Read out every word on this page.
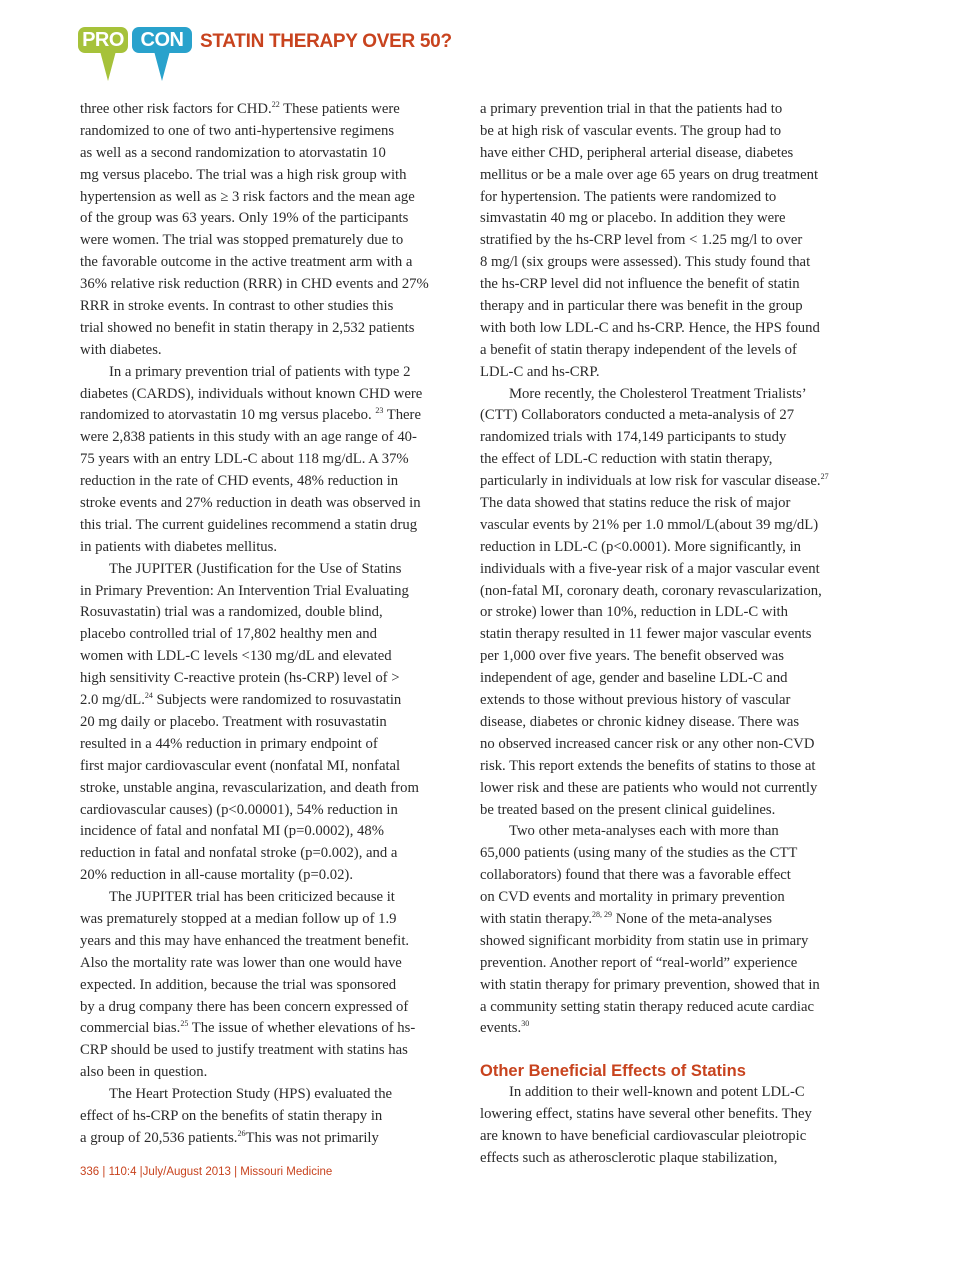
PRO CON STATIN THERAPY OVER 50?
three other risk factors for CHD.$^{22}$ These patients were
randomized to one of two anti-hypertensive regimens
as well as a second randomization to atorvastatin 10
mg versus placebo. The trial was a high risk group with
hypertension as well as ≥ 3 risk factors and the mean age
of the group was 63 years. Only 19% of the participants
were women. The trial was stopped prematurely due to
the favorable outcome in the active treatment arm with a
36% relative risk reduction (RRR) in CHD events and 27%
RRR in stroke events. In contrast to other studies this
trial showed no benefit in statin therapy in 2,532 patients
with diabetes.
In a primary prevention trial of patients with type 2
diabetes (CARDS), individuals without known CHD were
randomized to atorvastatin 10 mg versus placebo. $^{23}$ There
were 2,838 patients in this study with an age range of 40-
75 years with an entry LDL-C about 118 mg/dL. A 37%
reduction in the rate of CHD events, 48% reduction in
stroke events and 27% reduction in death was observed in
this trial. The current guidelines recommend a statin drug
in patients with diabetes mellitus.
The JUPITER (Justification for the Use of Statins
in Primary Prevention: An Intervention Trial Evaluating
Rosuvastatin) trial was a randomized, double blind,
placebo controlled trial of 17,802 healthy men and
women with LDL-C levels <130 mg/dL and elevated
high sensitivity C-reactive protein (hs-CRP) level of >
2.0 mg/dL.$^{24}$ Subjects were randomized to rosuvastatin
20 mg daily or placebo. Treatment with rosuvastatin
resulted in a 44% reduction in primary endpoint of
first major cardiovascular event (nonfatal MI, nonfatal
stroke, unstable angina, revascularization, and death from
cardiovascular causes) (p<0.00001), 54% reduction in
incidence of fatal and nonfatal MI (p=0.0002), 48%
reduction in fatal and nonfatal stroke (p=0.002), and a
20% reduction in all-cause mortality (p=0.02).
The JUPITER trial has been criticized because it
was prematurely stopped at a median follow up of 1.9
years and this may have enhanced the treatment benefit.
Also the mortality rate was lower than one would have
expected. In addition, because the trial was sponsored
by a drug company there has been concern expressed of
commercial bias.$^{25}$ The issue of whether elevations of hs-
CRP should be used to justify treatment with statins has
also been in question.
The Heart Protection Study (HPS) evaluated the
effect of hs-CRP on the benefits of statin therapy in
a group of 20,536 patients.$^{26}$This was not primarily
a primary prevention trial in that the patients had to
be at high risk of vascular events. The group had to
have either CHD, peripheral arterial disease, diabetes
mellitus or be a male over age 65 years on drug treatment
for hypertension. The patients were randomized to
simvastatin 40 mg or placebo. In addition they were
stratified by the hs-CRP level from < 1.25 mg/l to over
8 mg/l (six groups were assessed). This study found that
the hs-CRP level did not influence the benefit of statin
therapy and in particular there was benefit in the group
with both low LDL-C and hs-CRP. Hence, the HPS found
a benefit of statin therapy independent of the levels of
LDL-C and hs-CRP.
More recently, the Cholesterol Treatment Trialists’
(CTT) Collaborators conducted a meta-analysis of 27
randomized trials with 174,149 participants to study
the effect of LDL-C reduction with statin therapy,
particularly in individuals at low risk for vascular disease.$^{27}$
The data showed that statins reduce the risk of major
vascular events by 21% per 1.0 mmol/L(about 39 mg/dL)
reduction in LDL-C (p<0.0001). More significantly, in
individuals with a five-year risk of a major vascular event
(non-fatal MI, coronary death, coronary revascularization,
or stroke) lower than 10%, reduction in LDL-C with
statin therapy resulted in 11 fewer major vascular events
per 1,000 over five years. The benefit observed was
independent of age, gender and baseline LDL-C and
extends to those without previous history of vascular
disease, diabetes or chronic kidney disease. There was
no observed increased cancer risk or any other non-CVD
risk. This report extends the benefits of statins to those at
lower risk and these are patients who would not currently
be treated based on the present clinical guidelines.
Two other meta-analyses each with more than
65,000 patients (using many of the studies as the CTT
collaborators) found that there was a favorable effect
on CVD events and mortality in primary prevention
with statin therapy.$^{28, 29}$ None of the meta-analyses
showed significant morbidity from statin use in primary
prevention. Another report of “real-world” experience
with statin therapy for primary prevention, showed that in
a community setting statin therapy reduced acute cardiac
events.$^{30}$
Other Beneficial Effects of Statins
In addition to their well-known and potent LDL-C
lowering effect, statins have several other benefits. They
are known to have beneficial cardiovascular pleiotropic
effects such as atherosclerotic plaque stabilization,
336 | 110:4 |July/August 2013 | Missouri Medicine
